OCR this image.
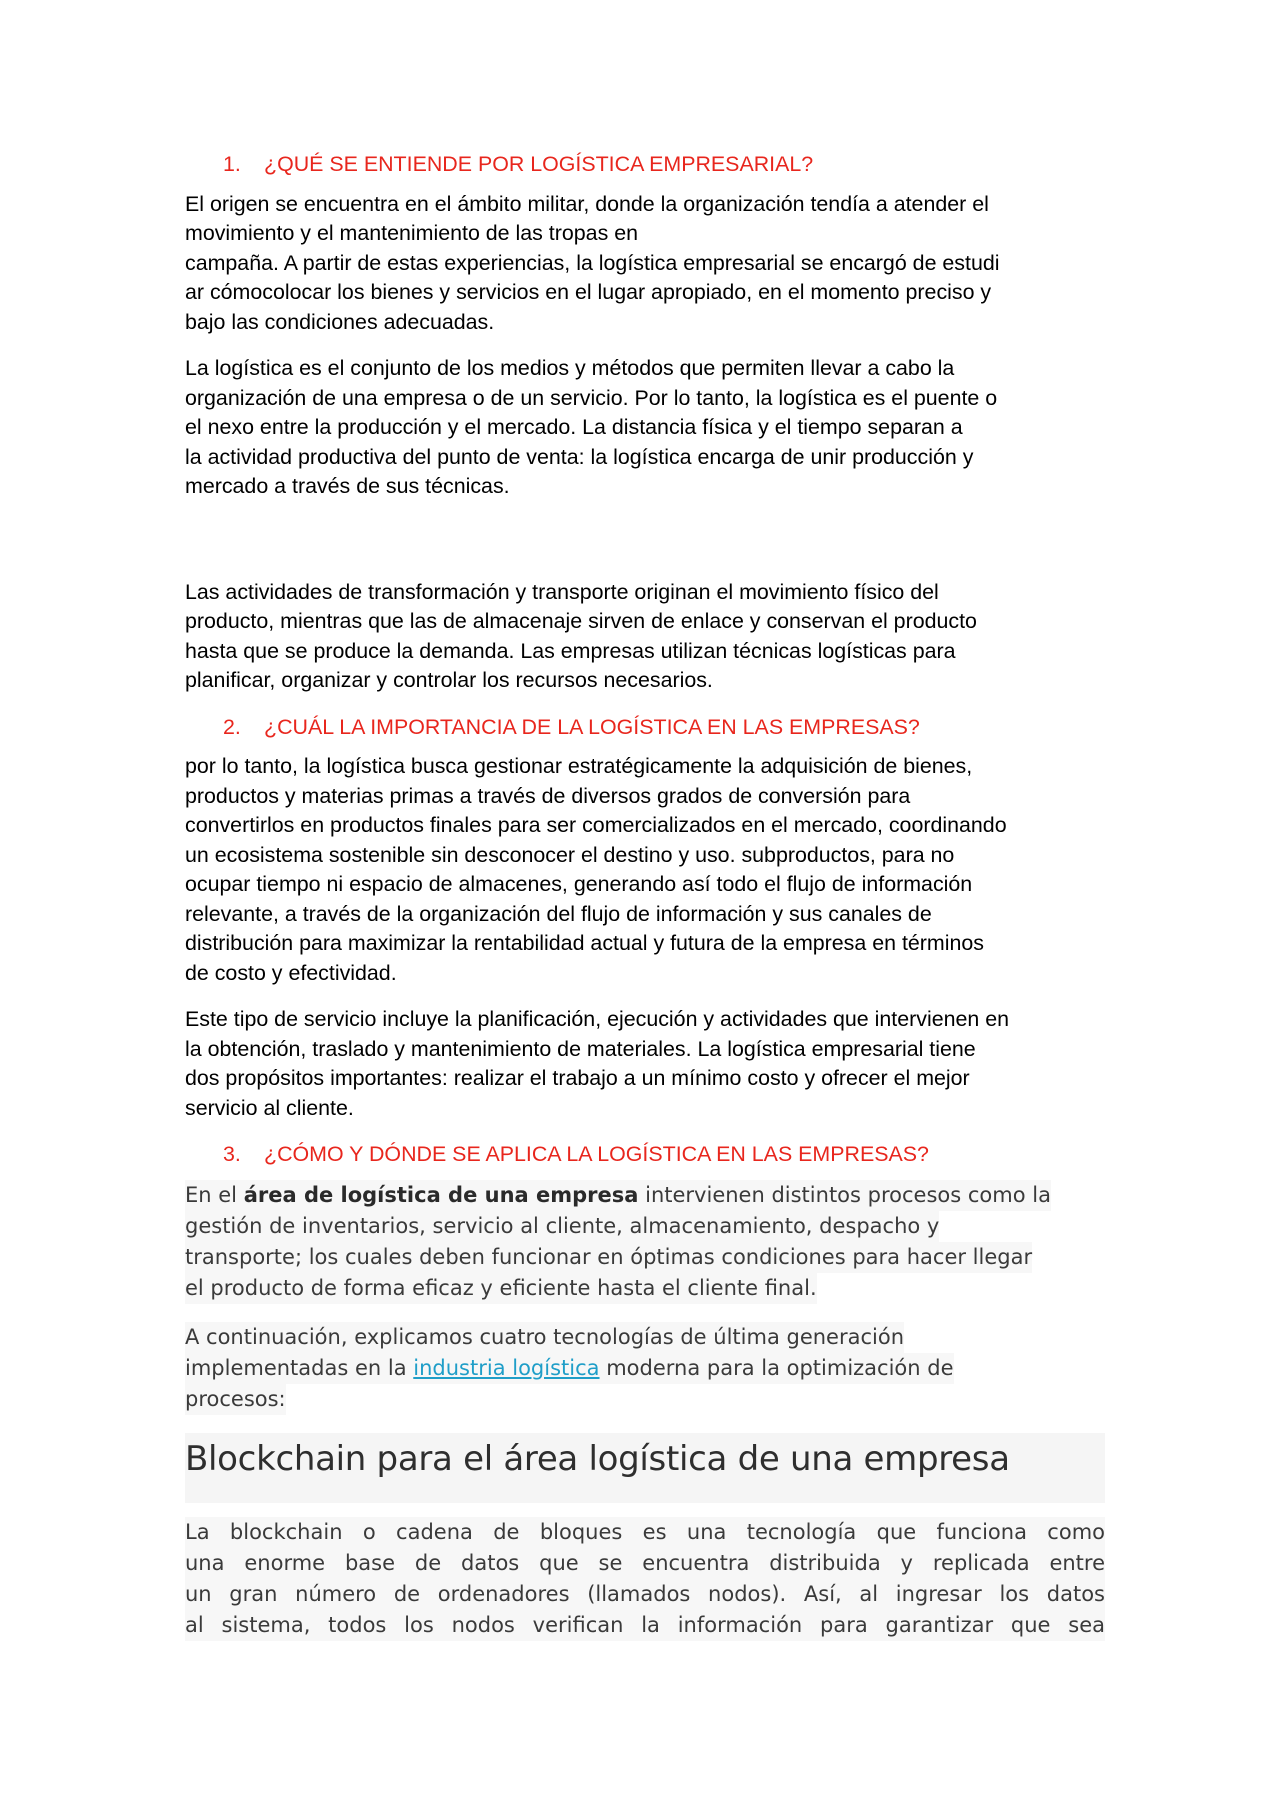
1. ¿QUÉ SE ENTIENDE POR LOGÍSTICA EMPRESARIAL?
El origen se encuentra en el ámbito militar, donde la organización tendía a atender el
movimiento y el mantenimiento de las tropas en
campaña. A partir de estas experiencias, la logística empresarial se encargó de estudi
ar cómocolocar los bienes y servicios en el lugar apropiado, en el momento preciso y
bajo las condiciones adecuadas.
La logística es el conjunto de los medios y métodos que permiten llevar a cabo la
organización de una empresa o de un servicio. Por lo tanto, la logística es el puente o
el nexo entre la producción y el mercado. La distancia física y el tiempo separan a
la actividad productiva del punto de venta: la logística encarga de unir producción y
mercado a través de sus técnicas.
Las actividades de transformación y transporte originan el movimiento físico del
producto, mientras que las de almacenaje sirven de enlace y conservan el producto
hasta que se produce la demanda. Las empresas utilizan técnicas logísticas para
planificar, organizar y controlar los recursos necesarios.
2. ¿CUÁL LA IMPORTANCIA DE LA LOGÍSTICA EN LAS EMPRESAS?
por lo tanto, la logística busca gestionar estratégicamente la adquisición de bienes,
productos y materias primas a través de diversos grados de conversión para
convertirlos en productos finales para ser comercializados en el mercado, coordinando
un ecosistema sostenible sin desconocer el destino y uso. subproductos, para no
ocupar tiempo ni espacio de almacenes, generando así todo el flujo de información
relevante, a través de la organización del flujo de información y sus canales de
distribución para maximizar la rentabilidad actual y futura de la empresa en términos
de costo y efectividad.
Este tipo de servicio incluye la planificación, ejecución y actividades que intervienen en
la obtención, traslado y mantenimiento de materiales. La logística empresarial tiene
dos propósitos importantes: realizar el trabajo a un mínimo costo y ofrecer el mejor
servicio al cliente.
3. ¿CÓMO Y DÓNDE SE APLICA LA LOGÍSTICA EN LAS EMPRESAS?
En el área de logística de una empresa intervienen distintos procesos como la
gestión de inventarios, servicio al cliente, almacenamiento, despacho y
transporte; los cuales deben funcionar en óptimas condiciones para hacer llegar
el producto de forma eficaz y eficiente hasta el cliente final.
A continuación, explicamos cuatro tecnologías de última generación
implementadas en la industria logística moderna para la optimización de
procesos:
Blockchain para el área logística de una empresa
La blockchain o cadena de bloques es una tecnología que funciona como
una enorme base de datos que se encuentra distribuida y replicada entre
un gran número de ordenadores (llamados nodos). Así, al ingresar los datos
al sistema, todos los nodos verifican la información para garantizar que sea
